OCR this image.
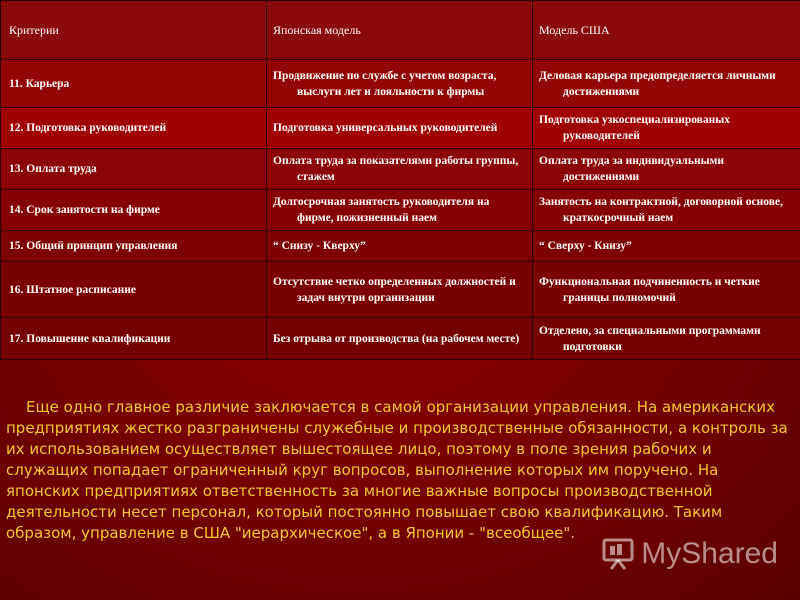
Критерии	Японская модель	Модель США
11. Карьера	Продвижение по службе с учетом возраста, выслуги лет и лояльности к фирмы	Деловая карьера предопределяется личными достижениями

12. Подготовка руководителей	Подготовка универсальных руководителей	Подготовка узкоспециализированых руководителей

13. Оплата труда	Оплата труда за показателями работы группы, стажем	Оплата труда за индивидуальными достижениями

14. Срок занятости на фирме	Долгосрочная занятость руководителя на фирме, пожизненный наем	Занятость на контрактной, договорной основе, краткосрочный наем

15. Общий принцип управления	“ Снизу - Кверху”	“ Сверху - Книзу”

16. Штатное расписание	Отсутствие четко определенных должностей и задач внутри организации	Функциональная подчиненность и четкие границы полномочий

17. Повышение квалификации	Без отрыва от производства (на рабочем месте)	Отделено, за специальными программами подготовки

Еще одно главное различие заключается в самой организации управления. На американских предприятиях жестко разграничены служебные и производственные обязанности, а контроль за их использованием осуществляет вышестоящее лицо, поэтому в поле зрения рабочих и служащих попадает ограниченный круг вопросов, выполнение которых им поручено. На японских предприятиях ответственность за многие важные вопросы производственной деятельности несет персонал, который постоянно повышает свою квалификацию. Таким образом, управление в США "иерархическое", а в Японии - "всеобщее".

MyShared
